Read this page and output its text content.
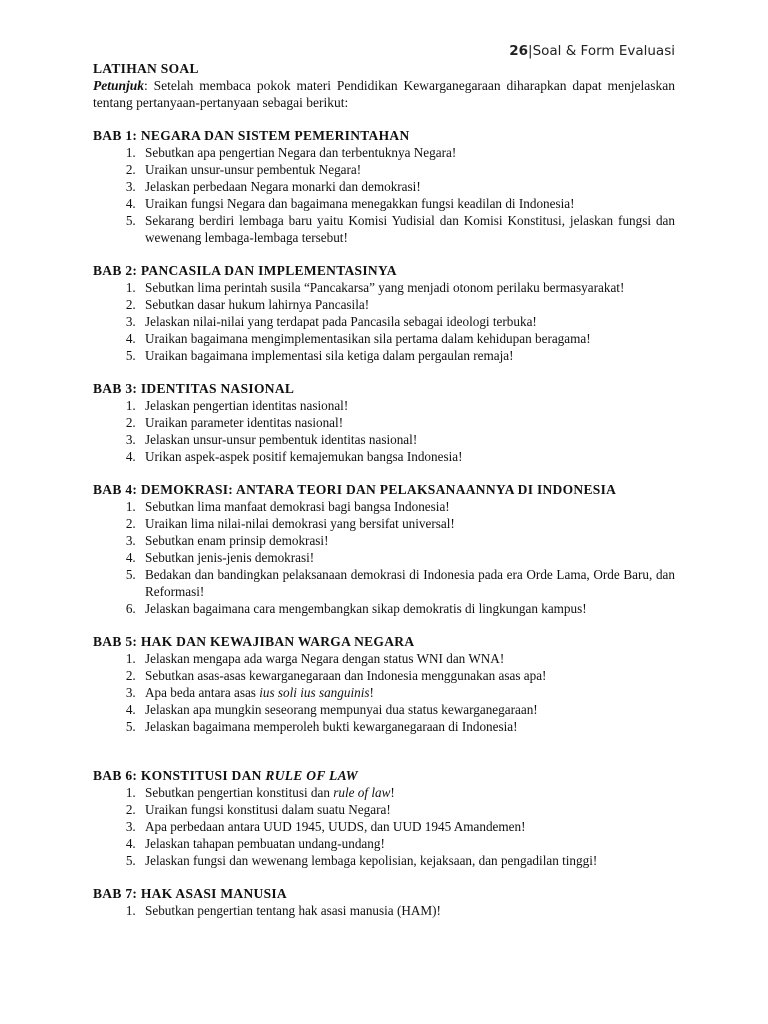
26|Soal & Form Evaluasi
LATIHAN SOAL
Petunjuk: Setelah membaca pokok materi Pendidikan Kewarganegaraan diharapkan dapat menjelaskan tentang pertanyaan-pertanyaan sebagai berikut:
BAB 1: NEGARA DAN SISTEM PEMERINTAHAN
1. Sebutkan apa pengertian Negara dan terbentuknya Negara!
2. Uraikan unsur-unsur pembentuk Negara!
3. Jelaskan perbedaan Negara monarki dan demokrasi!
4. Uraikan fungsi Negara dan bagaimana menegakkan fungsi keadilan di Indonesia!
5. Sekarang berdiri lembaga baru yaitu Komisi Yudisial dan Komisi Konstitusi, jelaskan fungsi dan wewenang lembaga-lembaga tersebut!
BAB 2: PANCASILA DAN IMPLEMENTASINYA
1. Sebutkan lima perintah susila “Pancakarsa” yang menjadi otonom perilaku bermasyarakat!
2. Sebutkan dasar hukum lahirnya Pancasila!
3. Jelaskan nilai-nilai yang terdapat pada Pancasila sebagai ideologi terbuka!
4. Uraikan bagaimana mengimplementasikan sila pertama dalam kehidupan beragama!
5. Uraikan bagaimana implementasi sila ketiga dalam pergaulan remaja!
BAB 3: IDENTITAS NASIONAL
1. Jelaskan pengertian identitas nasional!
2. Uraikan parameter identitas nasional!
3. Jelaskan unsur-unsur pembentuk identitas nasional!
4. Urikan aspek-aspek positif kemajemukan bangsa Indonesia!
BAB 4: DEMOKRASI: ANTARA TEORI DAN PELAKSANAANNYA DI INDONESIA
1. Sebutkan lima manfaat demokrasi bagi bangsa Indonesia!
2. Uraikan lima nilai-nilai demokrasi yang bersifat universal!
3. Sebutkan enam prinsip demokrasi!
4. Sebutkan jenis-jenis demokrasi!
5. Bedakan dan bandingkan pelaksanaan demokrasi di Indonesia pada era Orde Lama, Orde Baru, dan Reformasi!
6. Jelaskan bagaimana cara mengembangkan sikap demokratis di lingkungan kampus!
BAB 5: HAK DAN KEWAJIBAN WARGA NEGARA
1. Jelaskan mengapa ada warga Negara dengan status WNI dan WNA!
2. Sebutkan asas-asas kewarganegaraan dan Indonesia menggunakan asas apa!
3. Apa beda antara asas ius soli ius sanguinis!
4. Jelaskan apa mungkin seseorang mempunyai dua status kewarganegaraan!
5. Jelaskan bagaimana memperoleh bukti kewarganegaraan di Indonesia!
BAB 6: KONSTITUSI DAN RULE OF LAW
1. Sebutkan pengertian konstitusi dan rule of law!
2. Uraikan fungsi konstitusi dalam suatu Negara!
3. Apa perbedaan antara UUD 1945, UUDS, dan UUD 1945 Amandemen!
4. Jelaskan tahapan pembuatan undang-undang!
5. Jelaskan fungsi dan wewenang lembaga kepolisian, kejaksaan, dan pengadilan tinggi!
BAB 7: HAK ASASI MANUSIA
1. Sebutkan pengertian tentang hak asasi manusia (HAM)!
